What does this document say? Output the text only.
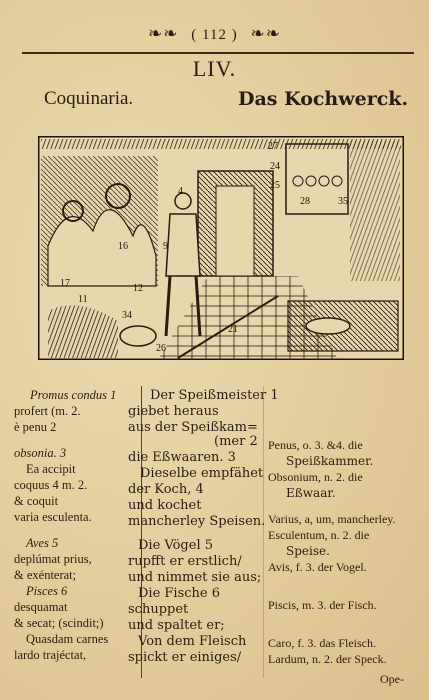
❧❧ ( 112 ) ❧❧
LIV.
Coquinaria.	Das Kochwerck.
4
9
16
17
11
12
34
26
21
27
24
25
28	35
Promus condus 1
profert (m. 2.
è penu 2
obsonia. 3
Ea accipit
coquus 4 m. 2.
& coquit
varia esculenta.
Aves 5
deplúmat prius,
& exénterat;
Pisces 6
desquamat
& secat; (scindit;)
Quasdam carnes
lardo trajéctat,
Der Speißmeister 1
giebet heraus
aus der Speißkam=
(mer 2
die Eßwaaren. 3
Dieselbe empfähet
der Koch, 4
und kochet
mancherley Speisen.
Die Vögel 5
rupfft er erstlich/
und nimmet sie aus;
Die Fische 6
schuppet
und spaltet er;
Von dem Fleisch
spickt er einiges/
Penus, o. 3. &4. die
Speißkammer.
Obsonium, n. 2. die
Eßwaar.
Varius, a, um, mancherley.
Esculentum, n. 2. die
Speise.
Avis, f. 3. der Vogel.
Piscis, m. 3. der Fisch.
Caro, f. 3. das Fleisch.
Lardum, n. 2. der Speck.
Ope-
